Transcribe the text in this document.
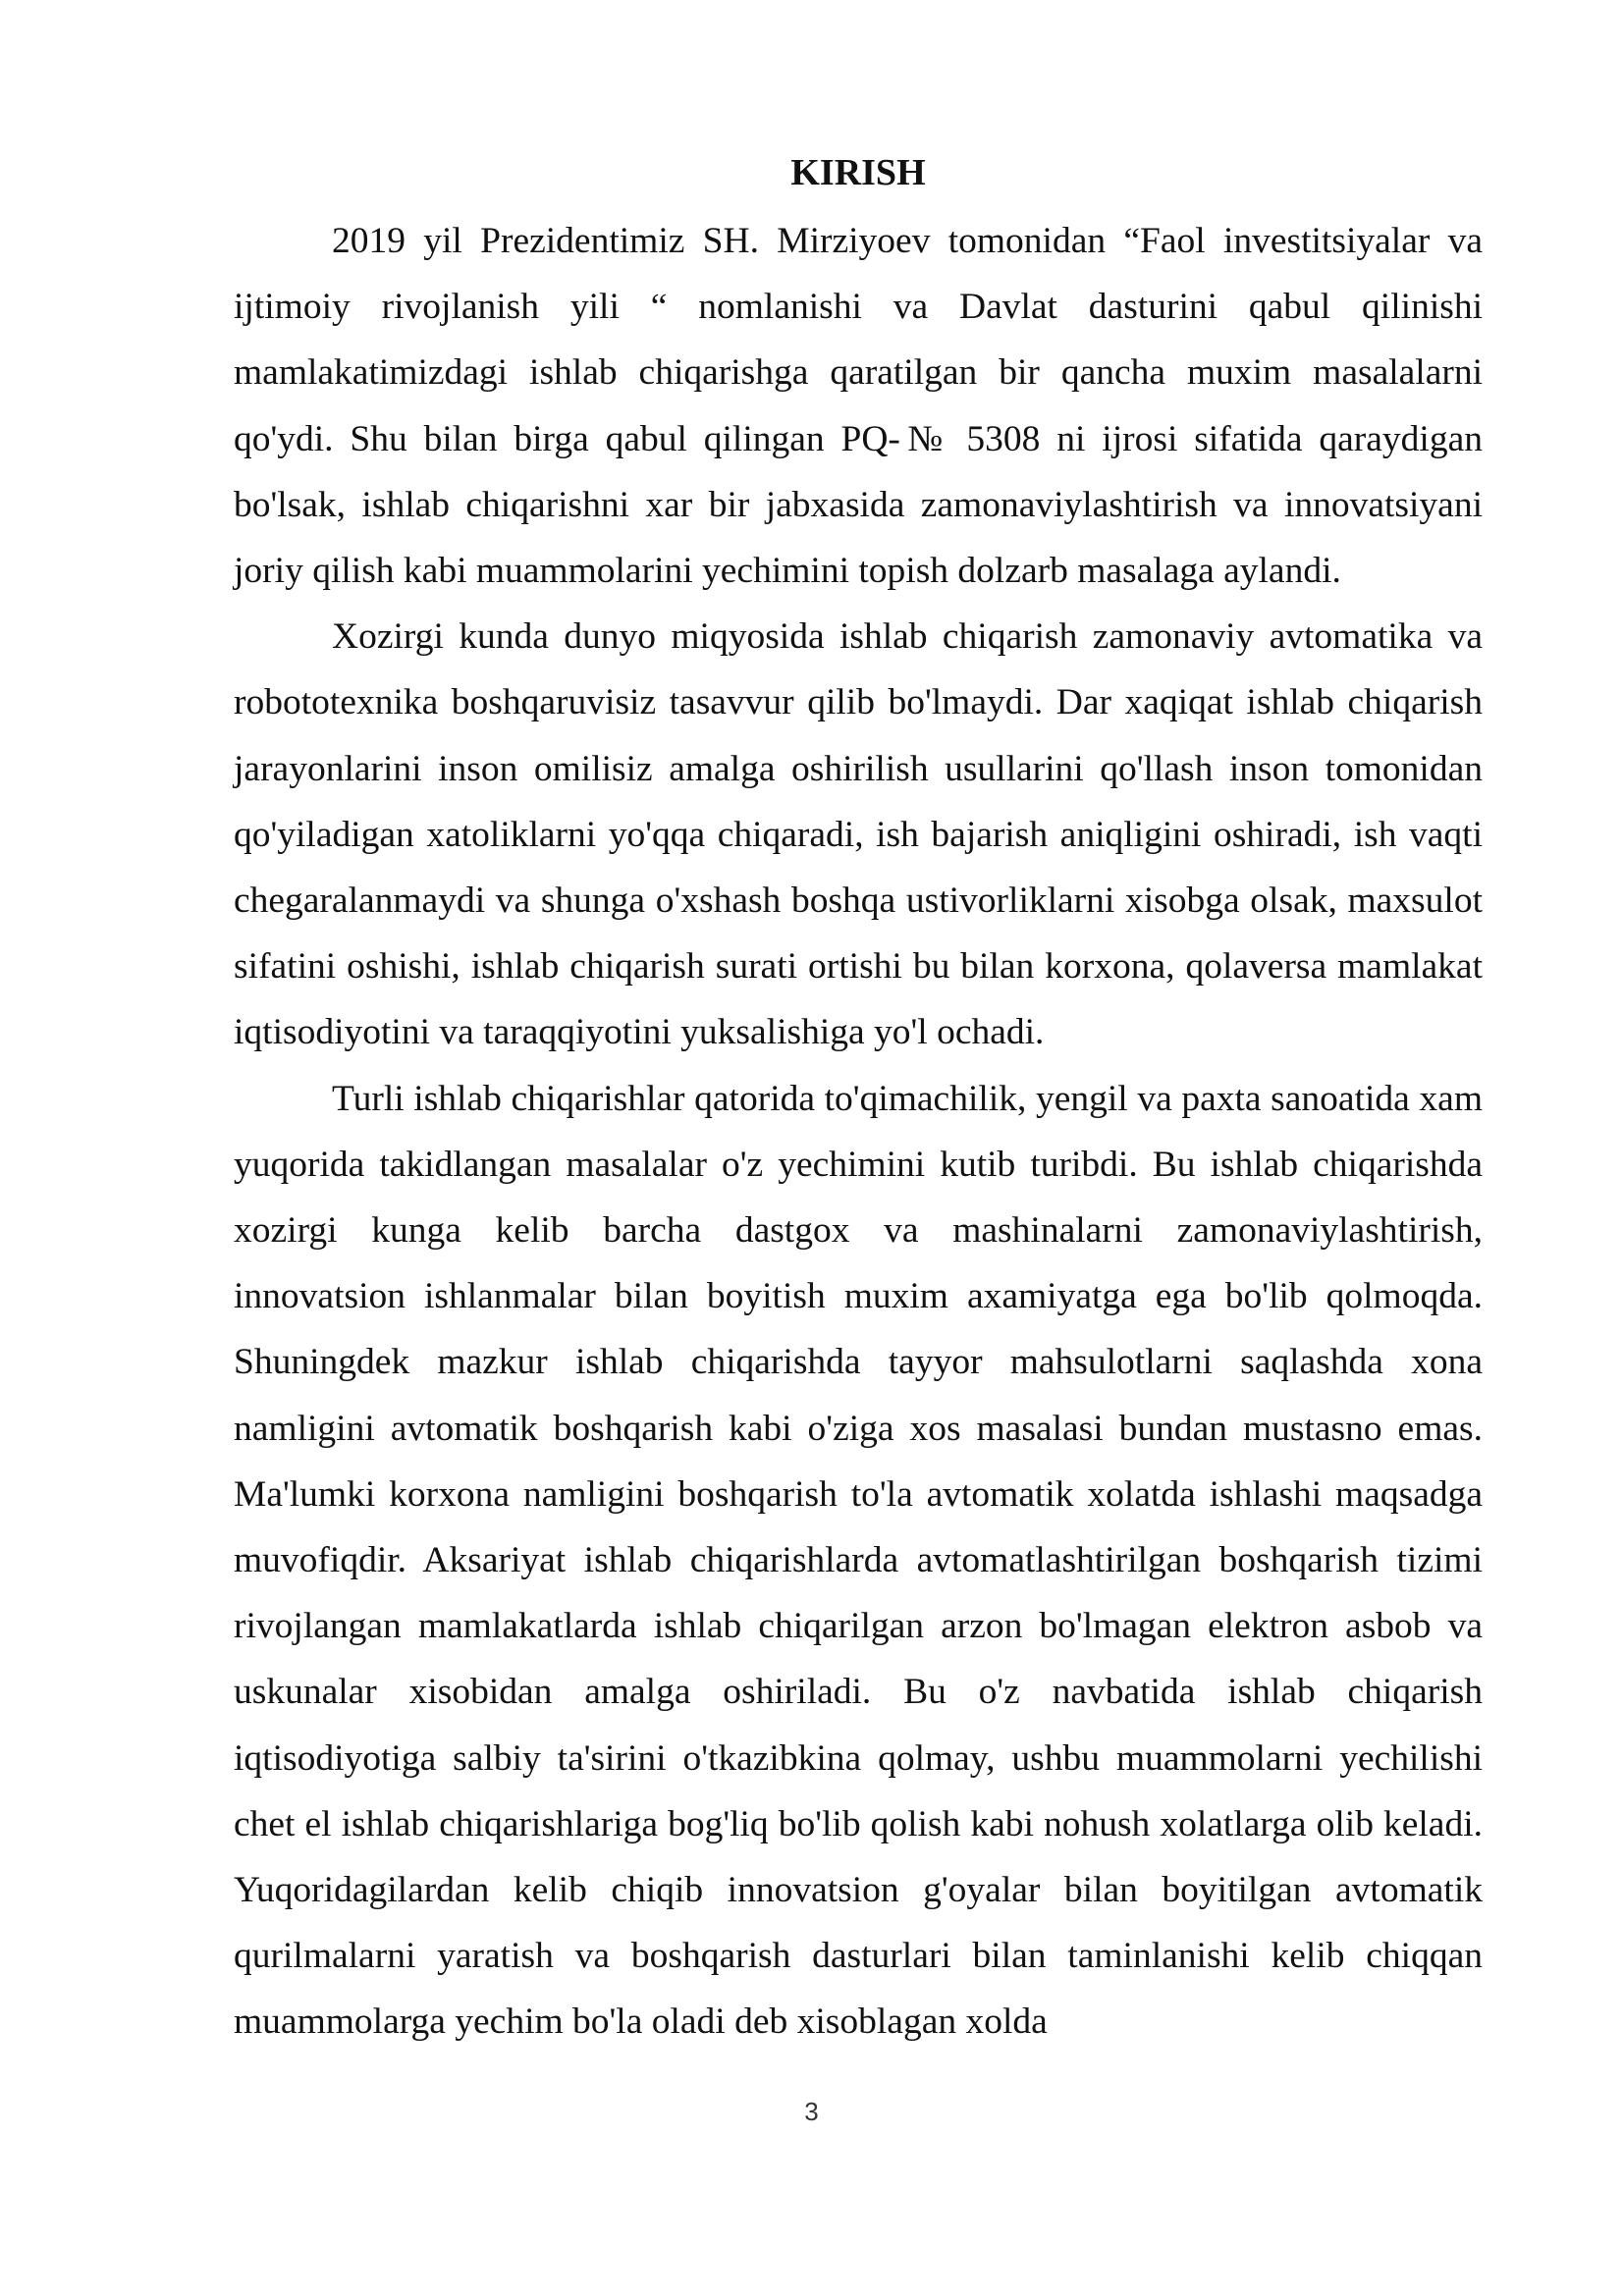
KIRISH

2019 yil Prezidentimiz SH. Mirziyoev tomonidan “Faol investitsiyalar va ijtimoiy rivojlanish yili “ nomlanishi va Davlat dasturini qabul qilinishi mamlakatimizdagi ishlab chiqarishga qaratilgan bir qancha muxim masalalarni qo'ydi. Shu bilan birga qabul qilingan PQ-№ 5308 ni ijrosi sifatida qaraydigan bo'lsak, ishlab chiqarishni xar bir jabxasida zamonaviylashtirish va innovatsiyani joriy qilish kabi muammolarini yechimini topish dolzarb masalaga aylandi.

Xozirgi kunda dunyo miqyosida ishlab chiqarish zamonaviy avtomatika va robototexnika boshqaruvisiz tasavvur qilib bo'lmaydi. Dar xaqiqat ishlab chiqarish jarayonlarini inson omilisiz amalga oshirilish usullarini qo'llash inson tomonidan qo'yiladigan xatoliklarni yo'qqa chiqaradi, ish bajarish aniqligini oshiradi, ish vaqti chegaralanmaydi va shunga o'xshash boshqa ustivorliklarni xisobga olsak, maxsulot sifatini oshishi, ishlab chiqarish surati ortishi bu bilan korxona, qolaversa mamlakat iqtisodiyotini va taraqqiyotini yuksalishiga yo'l ochadi.

Turli ishlab chiqarishlar qatorida to'qimachilik, yengil va paxta sanoatida xam yuqorida takidlangan masalalar o'z yechimini kutib turibdi. Bu ishlab chiqarishda xozirgi kunga kelib barcha dastgox va mashinalarni zamonaviylashtirish, innovatsion ishlanmalar bilan boyitish muxim axamiyatga ega bo'lib qolmoqda. Shuningdek mazkur ishlab chiqarishda tayyor mahsulotlarni saqlashda xona namligini avtomatik boshqarish kabi o'ziga xos masalasi bundan mustasno emas. Ma'lumki korxona namligini boshqarish to'la avtomatik xolatda ishlashi maqsadga muvofiqdir. Aksariyat ishlab chiqarishlarda avtomatlashtirilgan boshqarish tizimi rivojlangan mamlakatlarda ishlab chiqarilgan arzon bo'lmagan elektron asbob va uskunalar xisobidan amalga oshiriladi. Bu o'z navbatida ishlab chiqarish iqtisodiyotiga salbiy ta'sirini o'tkazibkina qolmay, ushbu muammolarni yechilishi chet el ishlab chiqarishlariga bog'liq bo'lib qolish kabi nohush xolatlarga olib keladi. Yuqoridagilardan kelib chiqib innovatsion g'oyalar bilan boyitilgan avtomatik qurilmalarni yaratish va boshqarish dasturlari bilan taminlanishi kelib chiqqan muammolarga yechim bo'la oladi deb xisoblagan xolda

3
